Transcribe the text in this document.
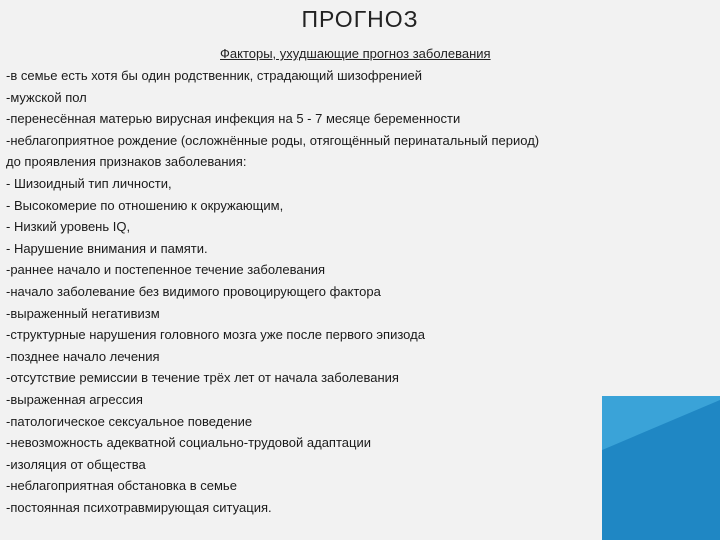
ПРОГНОЗ
Факторы, ухудшающие прогноз заболевания
-в семье есть хотя бы один родственник, страдающий шизофренией
-мужской пол
-перенесённая матерью вирусная инфекция на 5 - 7 месяце беременности
-неблагоприятное рождение (осложнённые роды, отягощённый перинатальный период)
до проявления признаков заболевания:
- Шизоидный тип личности,
- Высокомерие по отношению к окружающим,
- Низкий уровень IQ,
- Нарушение внимания и памяти.
-раннее начало и постепенное течение заболевания
-начало заболевание без видимого провоцирующего фактора
-выраженный негативизм
-структурные нарушения головного мозга уже после первого эпизода
-позднее начало лечения
-отсутствие ремиссии в течение трёх лет от начала заболевания
-выраженная агрессия
-патологическое сексуальное поведение
-невозможность адекватной социально-трудовой адаптации
-изоляция от общества
-неблагоприятная обстановка в семье
-постоянная психотравмирующая ситуация.
